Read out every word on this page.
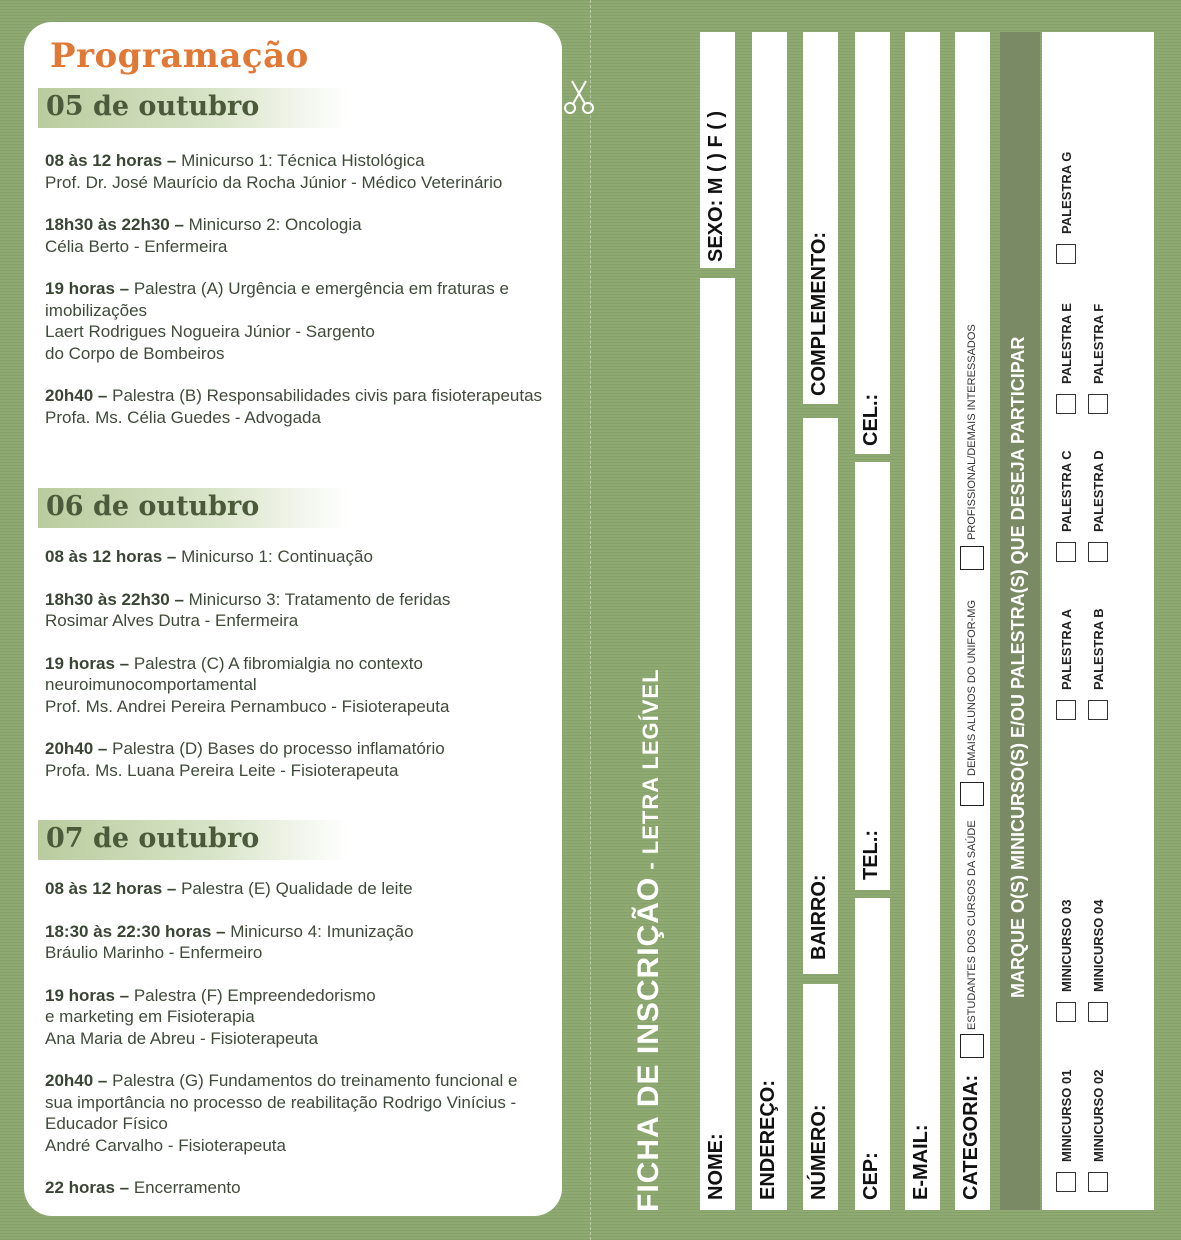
Programação
05 de outubro
08 às 12 horas – Minicurso 1: Técnica Histológica
Prof. Dr. José Maurício da Rocha Júnior - Médico Veterinário
18h30 às 22h30 – Minicurso 2: Oncologia
Célia Berto - Enfermeira
19 horas – Palestra (A) Urgência e emergência em fraturas e imobilizações
Laert Rodrigues Nogueira Júnior - Sargento
do Corpo de Bombeiros
20h40 – Palestra (B) Responsabilidades civis para fisioterapeutas
Profa. Ms. Célia Guedes - Advogada
06 de outubro
08 às 12 horas – Minicurso 1: Continuação
18h30 às 22h30 – Minicurso 3: Tratamento de feridas
Rosimar Alves Dutra - Enfermeira
19 horas – Palestra (C) A fibromialgia no contexto neuroimunocomportamental
Prof. Ms. Andrei Pereira Pernambuco - Fisioterapeuta
20h40 – Palestra (D) Bases do processo inflamatório
Profa. Ms. Luana Pereira Leite - Fisioterapeuta
07 de outubro
08 às 12 horas – Palestra (E) Qualidade de leite
18:30 às 22:30 horas – Minicurso 4: Imunização
Bráulio Marinho - Enfermeiro
19 horas – Palestra (F) Empreendedorismo
e marketing em Fisioterapia
Ana Maria de Abreu - Fisioterapeuta
20h40 – Palestra (G) Fundamentos do treinamento funcional e sua importância no processo de reabilitação Rodrigo Vinícius - Educador Físico
André Carvalho - Fisioterapeuta
22 horas – Encerramento	FICHA DE INSCRIÇÃO - LETRA LEGÍVEL
NOME:
SEXO: M ( ) F ( )
ENDEREÇO: NÚMERO:
BAIRRO:
COMPLEMENTO:
CEP:
TEL.:
CEL.:
E-MAIL: CATEGORIA:
ESTUDANTES DOS CURSOS DA SAÚDE
DEMAIS ALUNOS DO UNIFOR-MG
PROFISSIONAL/DEMAIS INTERESSADOS MARQUE O(S) MINICURSO(S) E/OU PALESTRA(S) QUE DESEJA PARTICIPAR
MINICURSO 01
MINICURSO 03
PALESTRA A
PALESTRA C
PALESTRA E
PALESTRA G
MINICURSO 02
MINICURSO 04
PALESTRA B
PALESTRA D
PALESTRA F
